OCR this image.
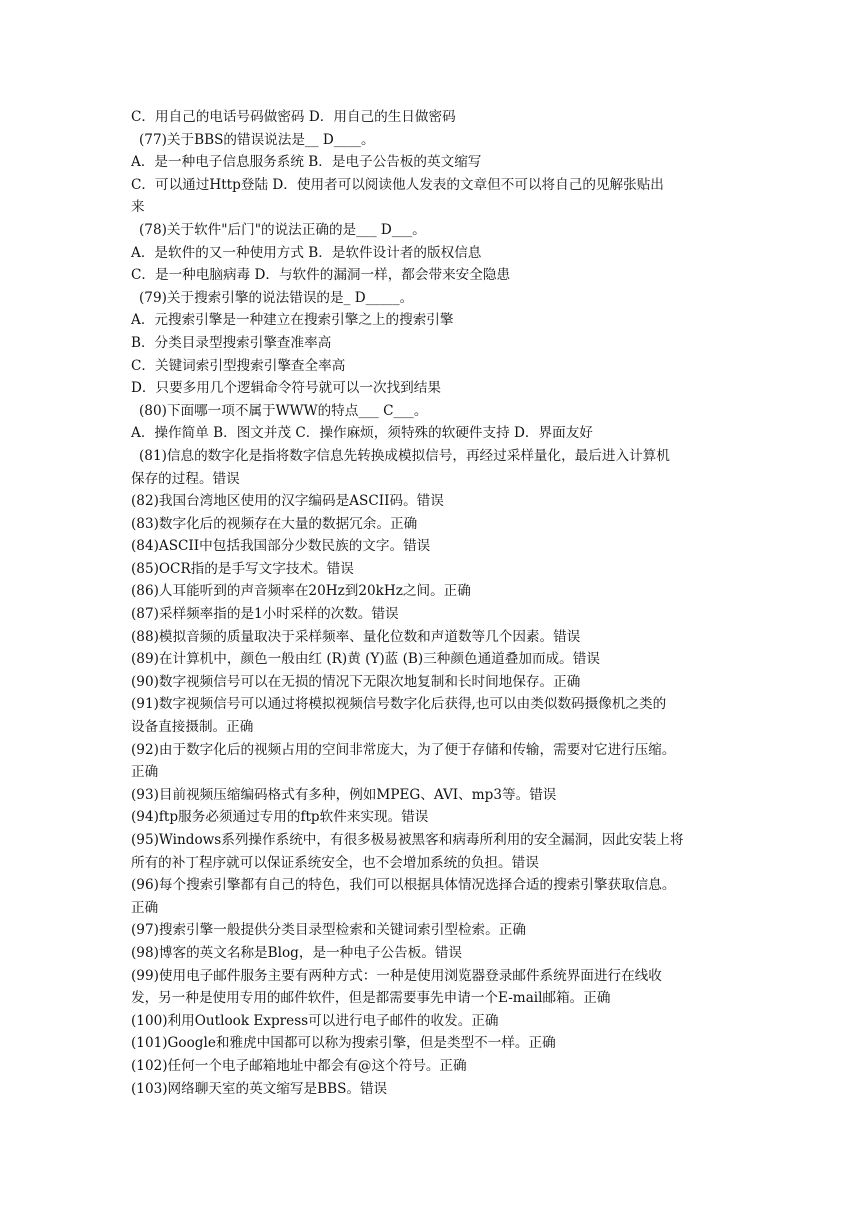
C．用自己的电话号码做密码 D．用自己的生日做密码
(77)关于BBS的错误说法是__ D____。
A．是一种电子信息服务系统 B．是电子公告板的英文缩写
C．可以通过Http登陆 D．使用者可以阅读他人发表的文章但不可以将自己的见解张贴出
来
(78)关于软件"后门"的说法正确的是___ D___。
A．是软件的又一种使用方式 B．是软件设计者的版权信息
C．是一种电脑病毒 D．与软件的漏洞一样，都会带来安全隐患
(79)关于搜索引擎的说法错误的是_ D_____。
A．元搜索引擎是一种建立在搜索引擎之上的搜索引擎
B．分类目录型搜索引擎查准率高
C．关键词索引型搜索引擎查全率高
D．只要多用几个逻辑命令符号就可以一次找到结果
(80)下面哪一项不属于WWW的特点___ C___。
A．操作简单 B．图文并茂 C．操作麻烦，须特殊的软硬件支持 D．界面友好
(81)信息的数字化是指将数字信息先转换成模拟信号，再经过采样量化，最后进入计算机
保存的过程。错误
(82)我国台湾地区使用的汉字编码是ASCII码。错误
(83)数字化后的视频存在大量的数据冗余。正确
(84)ASCII中包括我国部分少数民族的文字。错误
(85)OCR指的是手写文字技术。错误
(86)人耳能听到的声音频率在20Hz到20kHz之间。正确
(87)采样频率指的是1小时采样的次数。错误
(88)模拟音频的质量取决于采样频率、量化位数和声道数等几个因素。错误
(89)在计算机中，颜色一般由红 (R)黄 (Y)蓝 (B)三种颜色通道叠加而成。错误
(90)数字视频信号可以在无损的情况下无限次地复制和长时间地保存。正确
(91)数字视频信号可以通过将模拟视频信号数字化后获得,也可以由类似数码摄像机之类的
设备直接摄制。正确
(92)由于数字化后的视频占用的空间非常庞大，为了便于存储和传输，需要对它进行压缩。
正确
(93)目前视频压缩编码格式有多种，例如MPEG、AVI、mp3等。错误
(94)ftp服务必须通过专用的ftp软件来实现。错误
(95)Windows系列操作系统中，有很多极易被黑客和病毒所利用的安全漏洞，因此安装上将
所有的补丁程序就可以保证系统安全，也不会增加系统的负担。错误
(96)每个搜索引擎都有自己的特色，我们可以根据具体情况选择合适的搜索引擎获取信息。
正确
(97)搜索引擎一般提供分类目录型检索和关键词索引型检索。正确
(98)博客的英文名称是Blog，是一种电子公告板。错误
(99)使用电子邮件服务主要有两种方式：一种是使用浏览器登录邮件系统界面进行在线收
发，另一种是使用专用的邮件软件，但是都需要事先申请一个E-mail邮箱。正确
(100)利用Outlook Express可以进行电子邮件的收发。正确
(101)Google和雅虎中国都可以称为搜索引擎，但是类型不一样。正确
(102)任何一个电子邮箱地址中都会有@这个符号。正确
(103)网络聊天室的英文缩写是BBS。错误
